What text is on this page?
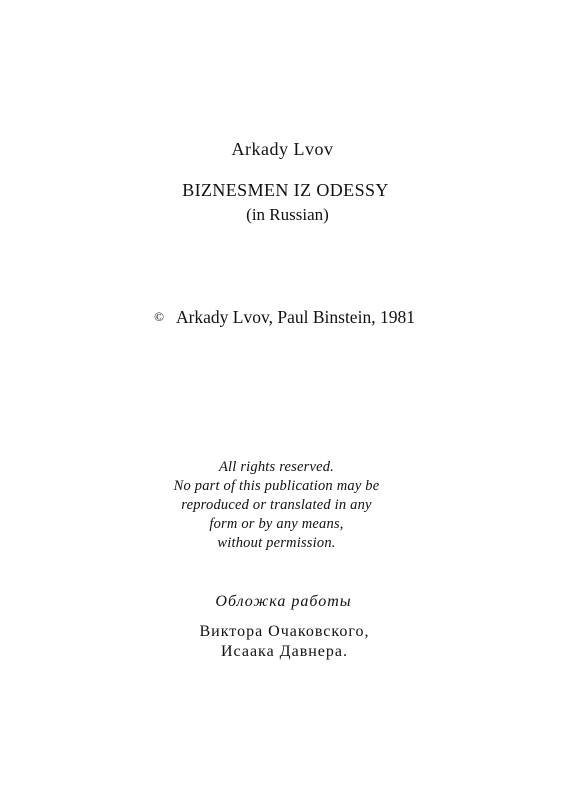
Arkady Lvov
BIZNESMEN IZ ODESSY
(in Russian)
© Arkady Lvov, Paul Binstein, 1981
All rights reserved.
No part of this publication may be
reproduced or translated in any
form or by any means,
without permission.
Обложка работы
Виктора Очаковского,
Исаака Давнера.
